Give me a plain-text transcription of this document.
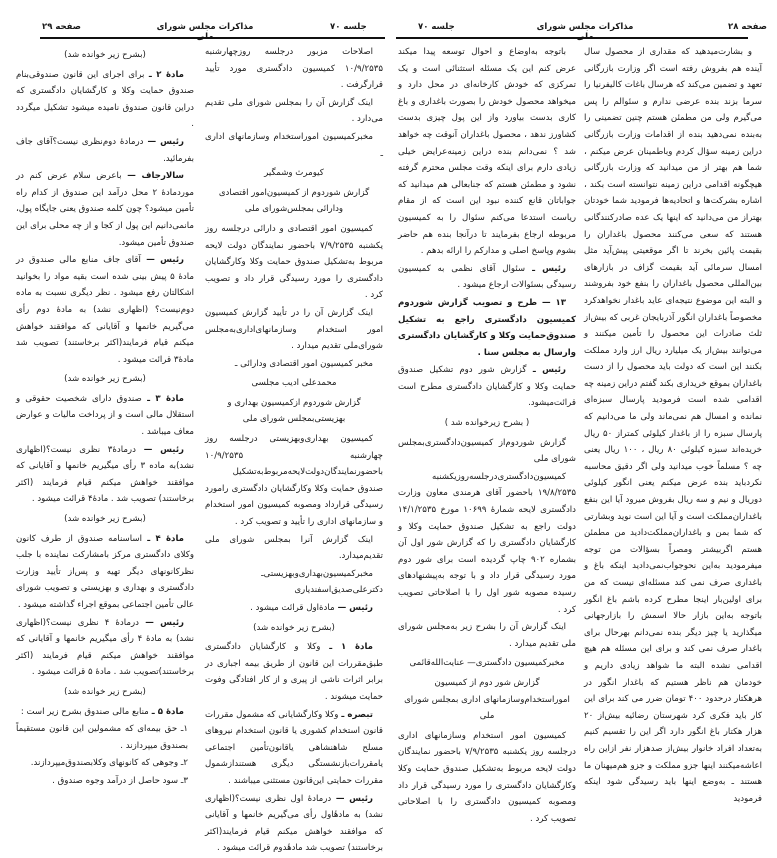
صفحه ۲۹	مذاکرات مجلس شورای	جلسه ۷۰

اصلاحات مزبور درجلسه روزچهارشنبه ۱۰/۹/۲۵۳۵ کمیسیون دادگستری مورد تأیید قرارگرفت .

اینک گزارش آن را بمجلس شورای ملی تقدیم می‌دارد .

مخبرکمیسیون اموراستخدام وسازمانهای اداری ـ

کیومرث وشمگیر

گزارش شوردوم از کمیسیون‌امور اقتصادی ودارائی بمجلس‌شورای ملی

کمیسیون امور اقتصادی و دارائی درجلسه روز یکشنبه ۷/۹/۲۵۳۵ باحضور نمایندگان دولت لایحه مربوط به‌تشکیل صندوق حمایت وکلا وکارگشایان دادگستری را مورد رسیدگی قرار داد و تصویب کرد .

اینک گزارش آن را در تأیید گزارش کمیسیون امور استخدام وسازمانهای‌اداری‌به‌مجلس شورای‌ملی تقدیم میدارد .

مخبر کمیسیون امور اقتصادی ودارائی ـ

محمدعلی ادیب مجلسی

گزارش شوردوم ازکمیسیون بهداری و بهزیستی‌بمجلس شورای ملی

کمیسیون بهداری‌وبهزیستی درجلسه روز چهارشنبه ۱۰/۹/۲۵۳۵ باحضورنمایندگان‌دولت‌لایحه‌مربوط‌به‌تشکیل صندوق حمایت وکلا وکارگشایان دادگستری رامورد رسیدگی قرارداد ومصوبه کمیسیون امور استخدام و سازمانهای اداری را تأیید و تصویب کرد .

اینک گزارش آنرا بمجلس شورای ملی تقدیم‌میدارد.

مخبرکمیسیون‌بهداری‌وبهزیستی‌ـ دکترعلی‌صدیق‌اسفندیاری

رئیس — مادةاول قرائت میشود .

(بشرح زیر خوانده شد)

مادهٔ ۱ ـ وکلا و کارگشایان دادگستری طبق‌مقررات این قانون از طریق بیمه اجباری در برابر اثرات ناشی از پیری و از کار افتادگی وفوت حمایت میشوند .

تبصره ـ وکلا وکارگشایانی که مشمول مقررات قانون استخدام کشوری یا قانون استخدام نیروهای مسلح شاهنشاهی یاقانون‌تأمین اجتماعی یامقررات‌بازنشستگی دیگری هستندازشمول مقررات حمایتی این‌قانون مستثنی میباشند .

رئیس — درمادهٔ اول نظری نیست؟(اظهاری نشد) به مادهٔاول رأی می‌گیریم خانمها و آقایانی که موافقند خواهش میکنم قیام فرمایند(اکثر برخاستند) تصویب شد مادهٔدوم قرائت میشود .

(بشرح زیر خوانده شد)

مادهٔ ۲ ـ برای اجرای این قانون صندوقی‌بنام صندوق حمایت وکلا و کارگشایان دادگستری که دراین قانون صندوق نامیده میشود تشکیل میگردد .

رئیس — درمادهٔ دوم‌نظری نیست؟آقای جاف بفرمائید.

سالارجاف — باعرض سلام عرض کنم در موردمادهٔ ۲ محل درآمد این صندوق از کدام راه تأمین میشود؟ چون کلمه صندوق یعنی جایگاه پول، مانمی‌دانیم این پول از کجا و از چه محلی برای این صندوق تأمین میشود.

رئیس — آقای جاف منابع مالی صندوق در مادهٔ ۵ پیش بینی شده است بقیه مواد را بخوانید اشکالتان رفع میشود . نظر دیگری نسبت به ماده دوم‌نیست؟ (اظهاری نشد) به مادهٔ دوم رأی می‌گیریم خانمها و آقایانی که موافقند خواهش میکنم قیام فرمایند(اکثر برخاستند) تصویب شد مادهٔ۳ قرائت میشود .

(بشرح زیر خوانده شد)

مادهٔ ۳ ـ صندوق دارای شخصیت حقوقی و استقلال مالی است و از پرداخت مالیات و عوارض معاف میباشد .

رئیس — درمادهٔ۳ نظری نیست؟(اظهاری نشد)به ماده ۳ رأی میگیریم خانمها و آقایانی که موافقند خواهش میکنم قیام فرمایند (اکثر برخاستند) تصویب شد . مادهٔ۴ قرائت میشود .

(بشرح زیر خوانده شد)

مادهٔ ۴ ـ اساسنامه صندوق از طرف کانون وکلای دادگستری مرکز بامشارکت نماینده با جلب نظرکانونهای دیگر تهیه و پس‌از تأیید وزارت دادگستری و بهداری و بهزیستی و تصویب شورای عالی تأمین اجتماعی بموقع اجراء گذاشته میشود .

رئیس — درمادهٔ ۴ نظری نیست؟(اظهاری نشد) به مادهٔ ۴ رأی میگیریم خانمها و آقایانی که موافقند خواهش میکنم قیام فرمایند (اکثر برخاستند)تصویب شد . مادهٔ ۵ قرائت میشود .

(بشرح زیر خوانده شد)

مادهٔ ۵ ـ منابع مالی صندوق بشرح زیر است :

۱ـ حق بیمه‌ای که مشمولین این قانون مستقیماً بصندوق میپردازند .

۲ـ وجوهی که کانونهای وکلابصندوق‌میپردازند.

۳ـ سود حاصل از درآمد وجوه صندوق .

صفحه ۲۸
مذاکرات مجلس شورای
جلسه ۷۰

و بشارت‌میدهید که مقداری از محصول سال آینده هم بفروش رفته است اگر وزارت بازرگانی تعهد و تضمین می‌کند که هرسال باغات کالیفرنیا را سرما بزند بنده عرضی ندارم و سئوالم را پس می‌گیرم ولی من مطمئن هستم چنین تضمینی را به‌بنده نمی‌دهید بنده از اقدامات وزارت بازرگانی دراین زمینه سؤال کردم وباطمینان عرض میکنم ، شما هم بهتر از من میدانید که وزارت بازرگانی هیچگونه اقدامی دراین زمینه نتوانسته است بکند ، اشاره بشرکت‌ها و اتحادیه‌ها فرمودید شما خودتان بهتراز من می‌دانید که اینها یک عده صادرکنندگانی هستند که سعی می‌کنند محصول باغداران را بقیمت پائین بخرند تا اگر موقعیتی پیش‌آید مثل امسال سرمائی آید بقیمت گزاف در بازارهای بین‌المللی محصول باغداران را بنفع خود بفروشند و البته این موضوع نتیجه‌ای عاید باغدار نخواهدکرد مخصوصاً باغداران انگور آذربایجان غربی که بیش‌از ثلث صادرات این محصول را تأمین میکنند و می‌توانند بیش‌از یک میلیارد ریال ارز وارد مملکت بکنند این است که دولت باید محصول را از دست باغداران بموقع خریداری بکند گفتم دراین زمینه چه اقدامی شده است فرمودید پارسال سبزه‌ای نمانده و امسال هم نمی‌ماند ولی ما می‌دانیم که پارسال سبزه را از باغدار کیلوئی کمتراز ۵۰ ریال خریده‌اند سبزه کیلوئی ۸۰ ریال ، ۱۰۰ ریال یعنی چه ؟ مسلماً خوب میدانید ولی اگر دقیق محاسبه نکردباید بنده عرض میکنم یعنی انگور کیلوئی دوریال و نیم و سه ریال بفروش میرود آیا این بنفع باغداران‌مملکت است و آیا این است نوید وبشارتی که شما بمن و باغداران‌مملکت‌دادید من مطمئن هستم اگربیشتر ومصراً بسؤالات من توجه میفرمودید به‌این نحوجواب‌نمی‌دادید اینکه باغ و باغداری صرف نمی کند مسئله‌ای نیست که من برای اولین‌بار اینجا مطرح کرده باشم باغ انگور باتوجه به‌این بازار حالا اسمش را بازارجهانی میگذارید یا چیز دیگر بنده نمی‌دانم بهرحال برای باغدار صرف نمی کند و برای این مسئله هم هیچ اقدامی نشده البته ما شواهد زیادی داریم و خودمان هم ناظر هستیم که باغدار انگور در هرهکتار درحدود ۴۰۰ تومان ضرر می کند برای این کار باید فکری کرد شهرستان رضائیه بیش‌از ۲۰ هزار هکتار باغ انگور دارد اگر این را تقسیم کنیم به‌تعداد افراد خانوار بیش‌از صدهزار نفر ازاین راه اعاشه‌میکنند اینها جزو مملکت و جزو هم‌میهنان ما هستند ـ به‌وضع اینها باید رسیدگی شود اینکه فرمودید

باتوجه به‌اوضاع و احوال توسعه پیدا میکند عرض کنم این یک مسئله استثنائی است و یک تمرکزی که خودش کارخانه‌ای در محل دارد و میخواهد محصول خودش را بصورت باغداری و باغ کاری بدست بیاورد واز این پول چیزی بدست کشاورز ندهد ، محصول باغداران آنوقت چه خواهد شد ؟ نمی‌دانم بنده دراین زمینه‌عرایض خیلی زیادی دارم برای اینکه وقت مجلس محترم گرفته نشود و مطمئن هستم که جنابعالی هم میدانید که جواباتان قانع کننده نبود این است که از مقام ریاست استدعا می‌کنم سئوال را به کمیسیون مربوطه ارجاع بفرمایند تا درآنجا بنده هم حاضر بشوم وپاسخ اصلی و مدارکم را ارائه بدهم .

رئیس ـ سئوال آقای نظمی به کمیسیون رسیدگی بسئوالات ارجاع میشود .

۱۳ — طرح و تصویب گزارش شوردوم کمیسیون دادگستری راجع به تشکیل صندوق‌حمایت وکلا و کارگشایان دادگستری وارسال به مجلس سنا .

رئیس ـ گزارش شور دوم تشکیل صندوق حمایت وکلا و کارگشایان دادگستری مطرح است قرائت‌میشود.

( بشرح زیرخوانده شد )

گزارش شوردوم‌از کمیسیون‌دادگستری‌بمجلس شورای ملی

کمیسیون‌دادگستری‌درجلسه‌روزیکشنبه ۱۹/۸/۲۵۳۵ باحضور آقای هرمندی معاون وزارت دادگستری لایحه شمارهٔ ۱۰۶۹۹ مورخ ۱۴/۱/۲۵۳۵ دولت راجع به تشکیل صندوق حمایت وکلا و کارگشایان دادگستری را که گزارش شور اول آن بشماره ۹۰۲ چاپ گردیده است برای شور دوم مورد رسیدگی قرار داد و با توجه به‌پیشنهادهای رسیده مصوبه شور اول را با اصلاحاتی تصویب کرد .

اینک گزارش آن را بشرح زیر به‌مجلس شورای ملی تقدیم میدارد .

مخبرکمیسیون دادگستری— عنایت‌الله‌قائمی

گزارش شور دوم از کمیسیون اموراستخدام‌وسازمانهای اداری بمجلس شورای ملی

کمیسیون امور استخدام وسازمانهای اداری درجلسه روز یکشنبه ۷/۹/۲۵۳۵ باحضور نمایندگان دولت لایحه مربوط به‌تشکیل صندوق حمایت وکلا وکارگشایان دادگستری را مورد رسیدگی قرار داد ومصوبه کمیسیون دادگستری را با اصلاحاتی تصویب کرد .
